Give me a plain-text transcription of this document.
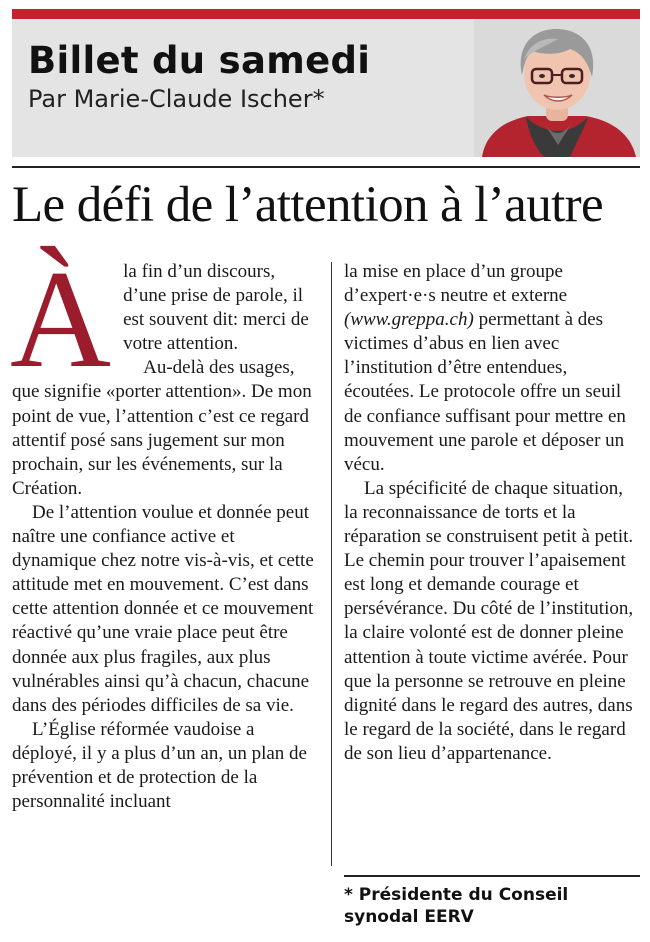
Billet du samedi

Par Marie-Claude Ischer*

Le défi de l’attention à l’autre
À la fin d’un discours, d’une prise de parole, il est souvent dit: merci de votre attention.

Au-delà des usages, que signifie «porter attention». De mon point de vue, l’attention c’est ce regard attentif posé sans jugement sur mon prochain, sur les événements, sur la Création.

De l’attention voulue et donnée peut naître une confiance active et dynamique chez notre vis-à-vis, et cette attitude met en mouvement. C’est dans cette attention donnée et ce mouvement réactivé qu’une vraie place peut être donnée aux plus fragiles, aux plus vulnérables ainsi qu’à chacun, chacune dans des périodes difficiles de sa vie.

L’Église réformée vaudoise a déployé, il y a plus d’un an, un plan de prévention et de protection de la personnalité incluant

la mise en place d’un groupe d’expert·e·s neutre et externe (www.greppa.ch) permettant à des victimes d’abus en lien avec l’institution d’être entendues, écoutées. Le protocole offre un seuil de confiance suffisant pour mettre en mouvement une parole et déposer un vécu.

La spécificité de chaque situation, la reconnaissance de torts et la réparation se construisent petit à petit. Le chemin pour trouver l’apaisement est long et demande courage et persévérance. Du côté de l’institution, la claire volonté est de donner pleine attention à toute victime avérée. Pour que la personne se retrouve en pleine dignité dans le regard des autres, dans le regard de la société, dans le regard de son lieu d’appartenance.

* Présidente du Conseil synodal EERV
